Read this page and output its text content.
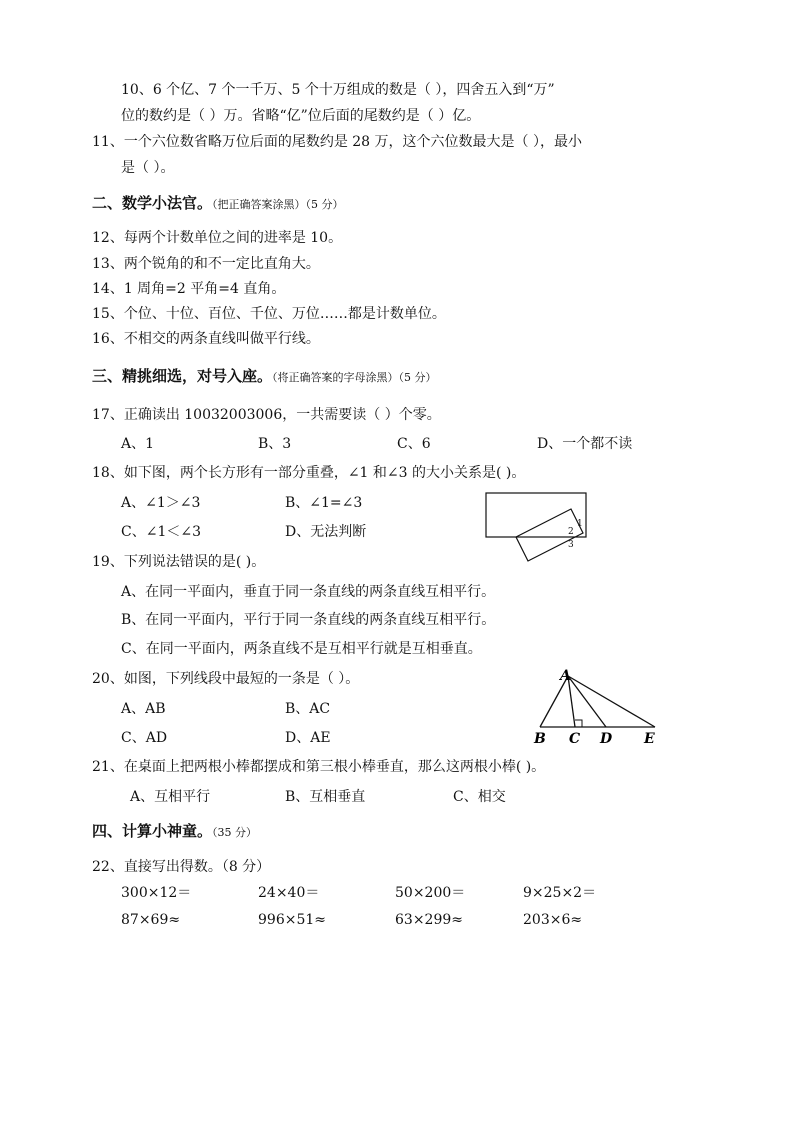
10、6 个亿、7 个一千万、5 个十万组成的数是（ ），四舍五入到“万”
位的数约是（ ）万。省略“亿”位后面的尾数约是（ ）亿。
11、一个六位数省略万位后面的尾数约是 28 万，这个六位数最大是（ ），最小
是（ ）。
二、数学小法官。（把正确答案涂黑）（5 分）
12、每两个计数单位之间的进率是 10。
13、两个锐角的和不一定比直角大。
14、1 周角=2 平角=4 直角。
15、个位、十位、百位、千位、万位……都是计数单位。
16、不相交的两条直线叫做平行线。
三、精挑细选，对号入座。（将正确答案的字母涂黑）（5 分）
17、正确读出 10032003006，一共需要读（ ）个零。
A、1	B、3	C、6	D、一个都不读
18、如下图，两个长方形有一部分重叠，∠1 和∠3 的大小关系是( )。
A、∠1＞∠3	B、∠1=∠3
C、∠1＜∠3	D、无法判断	1
2
3
19、下列说法错误的是( )。
A、在同一平面内，垂直于同一条直线的两条直线互相平行。
B、在同一平面内，平行于同一条直线的两条直线互相平行。
C、在同一平面内，两条直线不是互相平行就是互相垂直。
20、如图，下列线段中最短的一条是（ ）。
A、AB	B、AC
C、AD	D、AE
A
B C D E
21、在桌面上把两根小棒都摆成和第三根小棒垂直，那么这两根小棒( )。
A、互相平行	B、互相垂直	C、相交
四、计算小神童。（35 分）
22、直接写出得数。（8 分）
300×12＝	24×40＝	50×200＝	9×25×2＝
87×69≈	996×51≈	63×299≈	203×6≈
